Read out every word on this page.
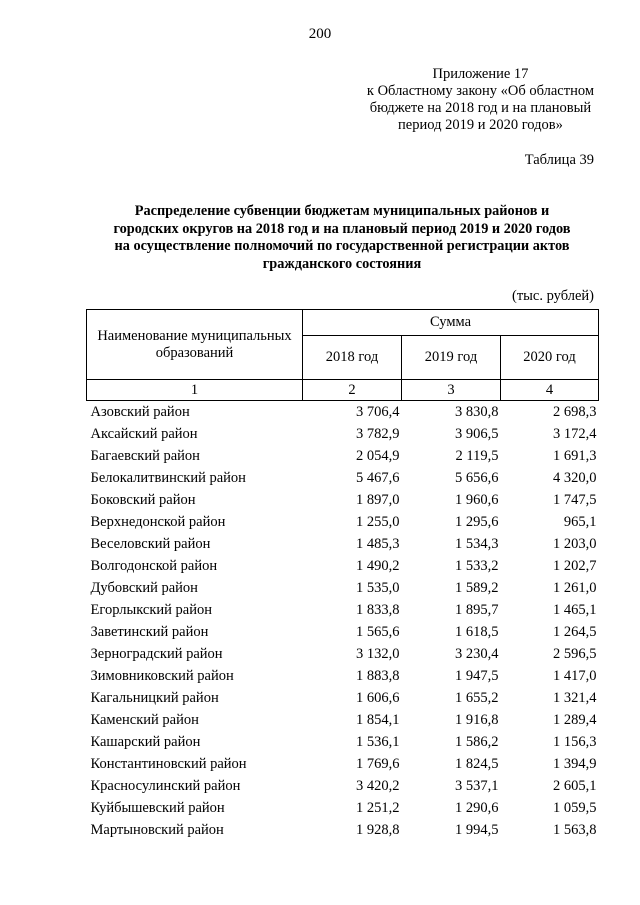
200
Приложение 17
к Областному закону «Об областном
бюджете на 2018 год и на плановый
период 2019 и 2020 годов»
Таблица 39
Распределение субвенции бюджетам муниципальных районов и
городских округов на 2018 год и на плановый период 2019 и 2020 годов
на осуществление полномочий по государственной регистрации актов
гражданского состояния
(тыс. рублей)
Наименование муниципальных
образований	Сумма		
	2018 год	2019 год	2020 год
1	2	3	4
Азовский район	3 706,4	3 830,8	2 698,3
Аксайский район	3 782,9	3 906,5	3 172,4
Багаевский район	2 054,9	2 119,5	1 691,3
Белокалитвинский район	5 467,6	5 656,6	4 320,0
Боковский район	1 897,0	1 960,6	1 747,5
Верхнедонской район	1 255,0	1 295,6	965,1
Веселовский район	1 485,3	1 534,3	1 203,0
Волгодонской район	1 490,2	1 533,2	1 202,7
Дубовский район	1 535,0	1 589,2	1 261,0
Егорлыкский район	1 833,8	1 895,7	1 465,1
Заветинский район	1 565,6	1 618,5	1 264,5
Зерноградский район	3 132,0	3 230,4	2 596,5
Зимовниковский район	1 883,8	1 947,5	1 417,0
Кагальницкий район	1 606,6	1 655,2	1 321,4
Каменский район	1 854,1	1 916,8	1 289,4
Кашарский район	1 536,1	1 586,2	1 156,3
Константиновский район	1 769,6	1 824,5	1 394,9
Красносулинский район	3 420,2	3 537,1	2 605,1
Куйбышевский район	1 251,2	1 290,6	1 059,5
Мартыновский район	1 928,8	1 994,5	1 563,8
